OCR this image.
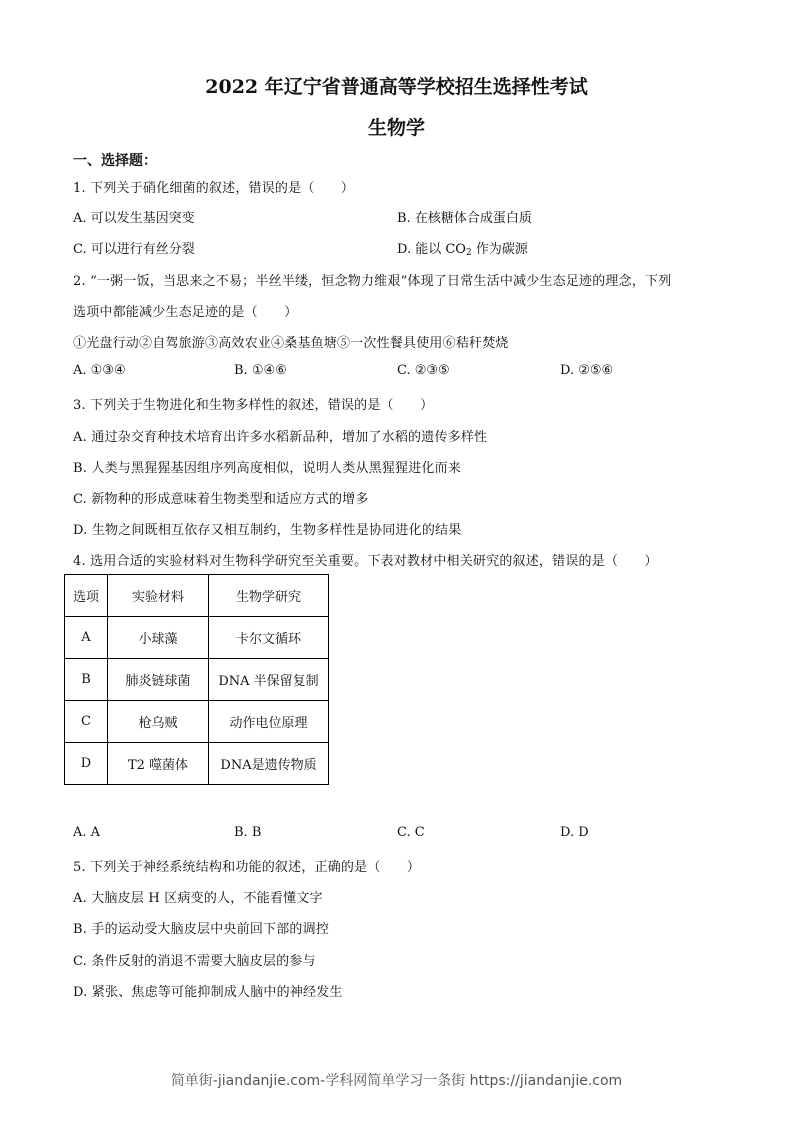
2022 年辽宁省普通高等学校招生选择性考试
生物学
一、选择题：
1. 下列关于硝化细菌的叙述，错误的是（　　）
A. 可以发生基因突变	B. 在核糖体合成蛋白质
C. 可以进行有丝分裂	D. 能以 $CO_2$ 作为碳源
2. “一粥一饭，当思来之不易；半丝半缕，恒念物力维艰”体现了日常生活中减少生态足迹的理念，下列
选项中都能减少生态足迹的是（　　）
①光盘行动②自驾旅游③高效农业④桑基鱼塘⑤一次性餐具使用⑥秸秆焚烧
A. ①③④	B. ①④⑥	C. ②③⑤	D. ②⑤⑥
3. 下列关于生物进化和生物多样性的叙述，错误的是（　　）
A. 通过杂交育种技术培育出许多水稻新品种，增加了水稻的遗传多样性
B. 人类与黑猩猩基因组序列高度相似，说明人类从黑猩猩进化而来
C. 新物种的形成意味着生物类型和适应方式的增多
D. 生物之间既相互依存又相互制约，生物多样性是协同进化的结果
4. 选用合适的实验材料对生物科学研究至关重要。下表对教材中相关研究的叙述，错误的是（　　）
选项	实验材料	生物学研究
A	小球藻	卡尔文循环
B	肺炎链球菌	DNA 半保留复制
C	枪乌贼	动作电位原理
D	T2 噬菌体	DNA是遗传物质
A. A	B. B	C. C	D. D
5. 下列关于神经系统结构和功能的叙述，正确的是（　　）
A. 大脑皮层 H 区病变的人，不能看懂文字
B. 手的运动受大脑皮层中央前回下部的调控
C. 条件反射的消退不需要大脑皮层的参与
D. 紧张、焦虑等可能抑制成人脑中的神经发生
简单街-jiandanjie.com-学科网简单学习一条街 https://jiandanjie.com
